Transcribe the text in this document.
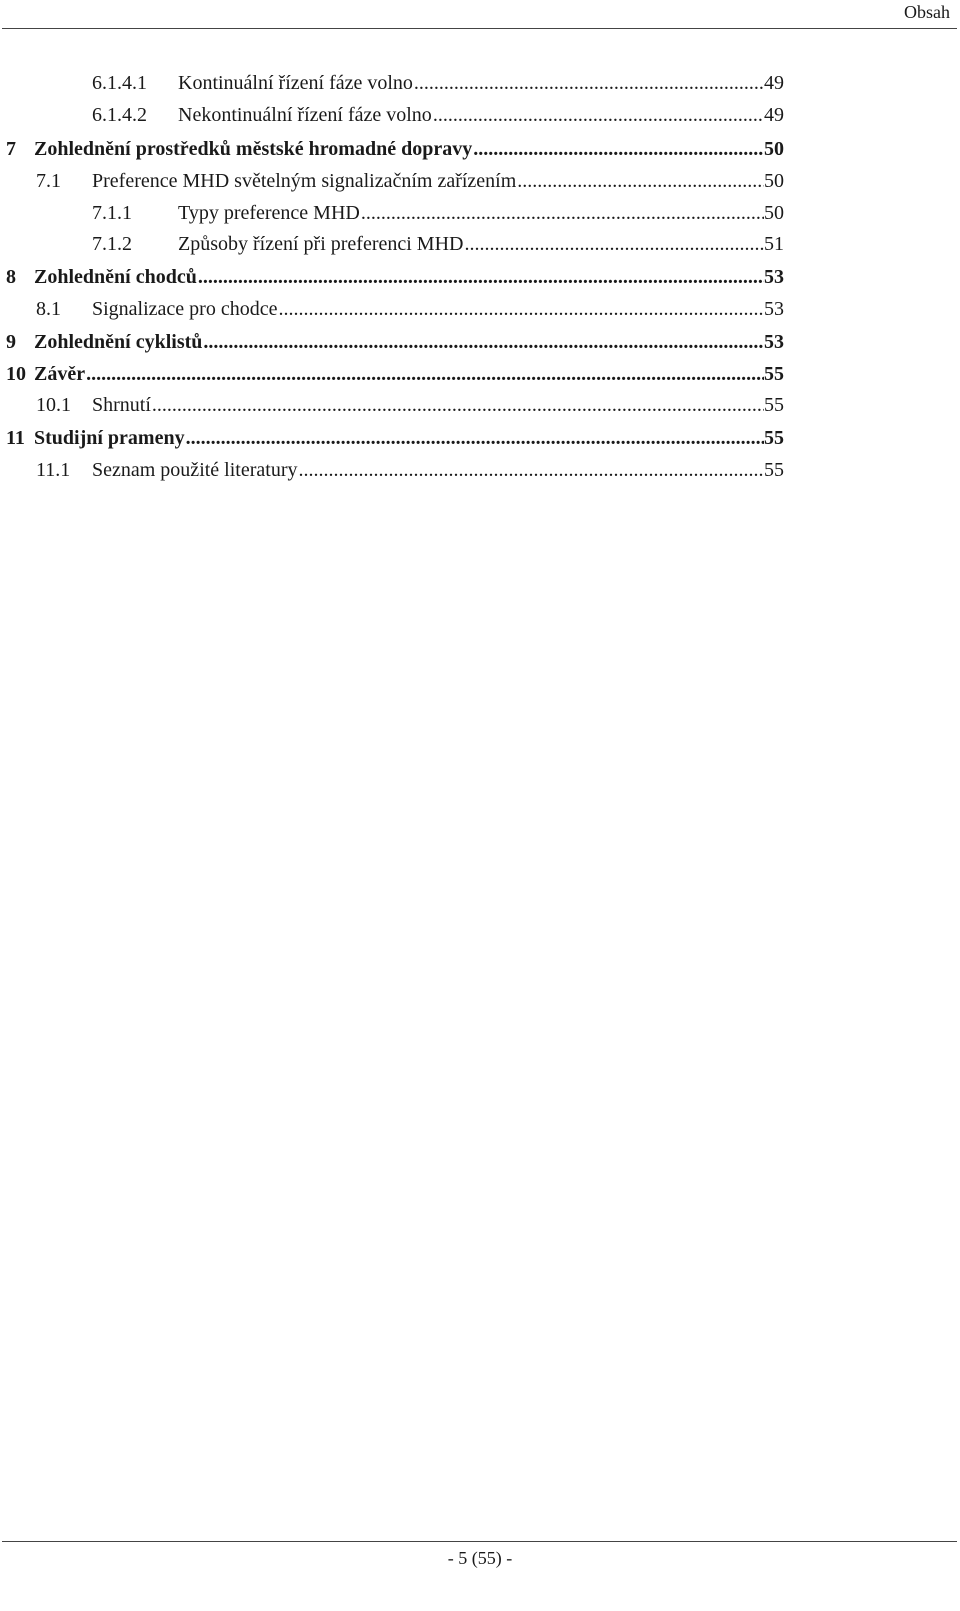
Obsah
6.1.4.1	Kontinuální řízení fáze volno .....	49
6.1.4.2	Nekontinuální řízení fáze volno .....	49
7 Zohlednění prostředků městské hromadné dopravy .....	50
7.1	Preference MHD světelným signalizačním zařízením .....	50
7.1.1	Typy preference MHD .....	50
7.1.2	Způsoby řízení při preferenci MHD .....	51
8 Zohlednění chodců .....	53
8.1	Signalizace pro chodce .....	53
9 Zohlednění cyklistů .....	53
10 Závěr .....	55
10.1	Shrnutí .....	55
11 Studijní prameny .....	55
11.1	Seznam použité literatury .....	55
- 5 (55) -
